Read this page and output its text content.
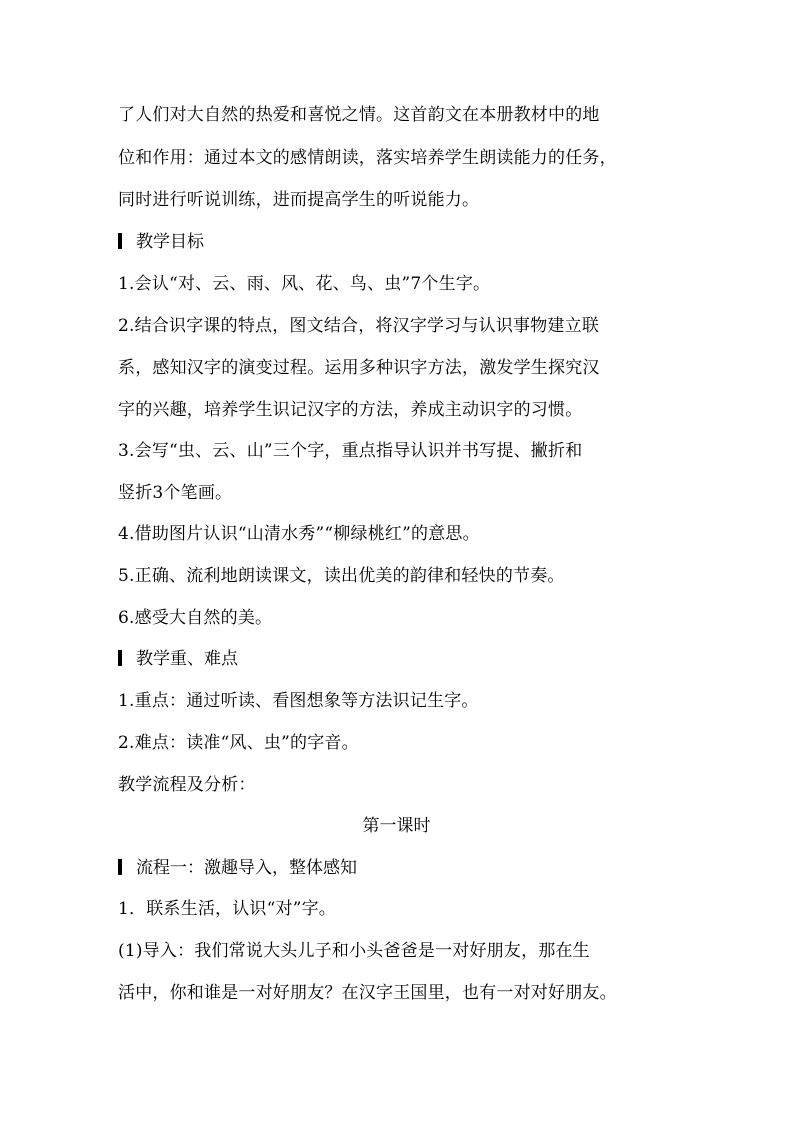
了人们对大自然的热爱和喜悦之情。这首韵文在本册教材中的地
位和作用：通过本文的感情朗读，落实培养学生朗读能力的任务，
同时进行听说训练，进而提高学生的听说能力。
教学目标
1.会认“对、云、雨、风、花、鸟、虫”7个生字。
2.结合识字课的特点，图文结合，将汉字学习与认识事物建立联
系，感知汉字的演变过程。运用多种识字方法，激发学生探究汉
字的兴趣，培养学生识记汉字的方法，养成主动识字的习惯。
3.会写“虫、云、山”三个字，重点指导认识并书写提、撇折和
竖折3个笔画。
4.借助图片认识“山清水秀”“柳绿桃红”的意思。
5.正确、流利地朗读课文，读出优美的韵律和轻快的节奏。
6.感受大自然的美。
教学重、难点
1.重点：通过听读、看图想象等方法识记生字。
2.难点：读准“风、虫”的字音。
教学流程及分析：
第一课时
流程一：激趣导入，整体感知
1．联系生活，认识“对”字。
(1)导入：我们常说大头儿子和小头爸爸是一对好朋友，那在生
活中，你和谁是一对好朋友？在汉字王国里，也有一对对好朋友。
